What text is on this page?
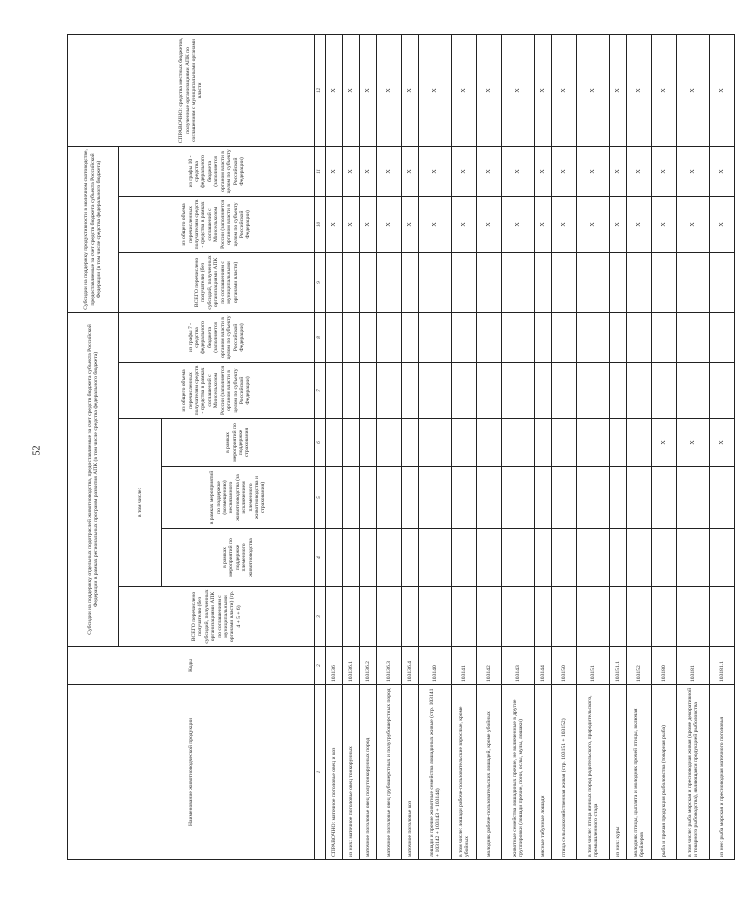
52
Наименование животноводческой продукции	Коды	Субсидии на поддержку отдельных подотраслей животноводства, предоставляемые за счет средств бюджета субъекта Российской Федерации в рамках региональных программ развития АПК (в том числе средства федерального бюджета)						Субсидии на поддержку продуктивности в молочном скотоводстве, предоставляемые за счет средств бюджета субъекта Российской Федерации (в том числе средства федерального бюджета)			СПРАВОЧНО: средства местных бюджетов, полученные организациями АПК по соглашениям с муниципальными органами власти	
		ВСЕГО перечислено получателю (без субсидий, полученных организациями АПК по соглашениям с муниципальными органами власти) (гр. 4 + 5 + 6)	в том числе:			из общего объема перечисленных получателям средств - средства в рамках соглашений с Минсельхозом России (заполняется органом власти в целом по субъекту Российской Федерации)	из графы 7 - средства федерального бюджета (заполняется органом власти в целом по субъекту Российской Федерации)	ВСЕГО перечислено получателю (без субсидий, полученных организациями АПК по соглашениям с муниципальными органами власти)	из общего объема перечисленных получателям средств - средства в рамках соглашений с Минсельхозом России (заполняется органом власти в целом по субъекту Российской Федерации)	из графы 10 - средства федерального бюджета (заполняется органом власти в целом по субъекту Российской Федерации)		
			в рамках мероприятий по поддержке племенного животноводства	в рамках мероприятий по поддержке (возмещению) несвязанного животноводства (за исключением племенного животноводства и страхования)	в рамках мероприятий по поддержке страхования							
1	2	3	4	5	6	7	8	9	10	11	12	
СПРАВОЧНО: маточное поголовье овец и коз	103136								X	X	X	
из них: маточное поголовье овец тонкорунных	103136.1								X	X	X	
маточное поголовье овец полутонкорунных пород	103136.2								X	X	X	
маточное поголовье овец грубошерстных и полугрубошерстных пород	103136.3								X	X	X	
маточное поголовье коз	103136.4								X	X	X	
лошади и прочие животные семейства лошадиных живые (стр. 103141 + 103142 + 103143 + 103144)	103140								X	X	X	
в том числе: лошади рабоче-пользовательские взрослые, кроме убойных	103141								X	X	X	
молодняк рабоче-пользовательских лошадей, кроме убойных	103142								X	X	X	
животные семейства лошадиных прочие, не включенные в другие группировки (лошади прочие, пони, ослы, мулы, лошаки)	103143								X	X	X	
мясные табунные лошади	103144								X	X	X	
птица сельскохозяйственная живая (стр. 103151 + 103152)	103150								X	X	X	
в том числе: птица яичных пород родительского, прародительского, промышленного стада	103151								X	X	X	
из них: куры	103151.1								X	X	X	
молодняк птицы, цыплята и молодняк прочей птицы, включая бройлеров	103152								X	X	X	
рыба и прочая продукция рыболовства (товарная рыба)	103180				X				X	X	X	
в том числе: рыба морская и пресноводная живая (кроме декоративной и товарного рыбоводства), являющаяся продукцией рыболовства	103181				X				X	X	X	
из нее: рыба морская и пресноводная маточного поголовья	103181.1				X				X	X	X	
